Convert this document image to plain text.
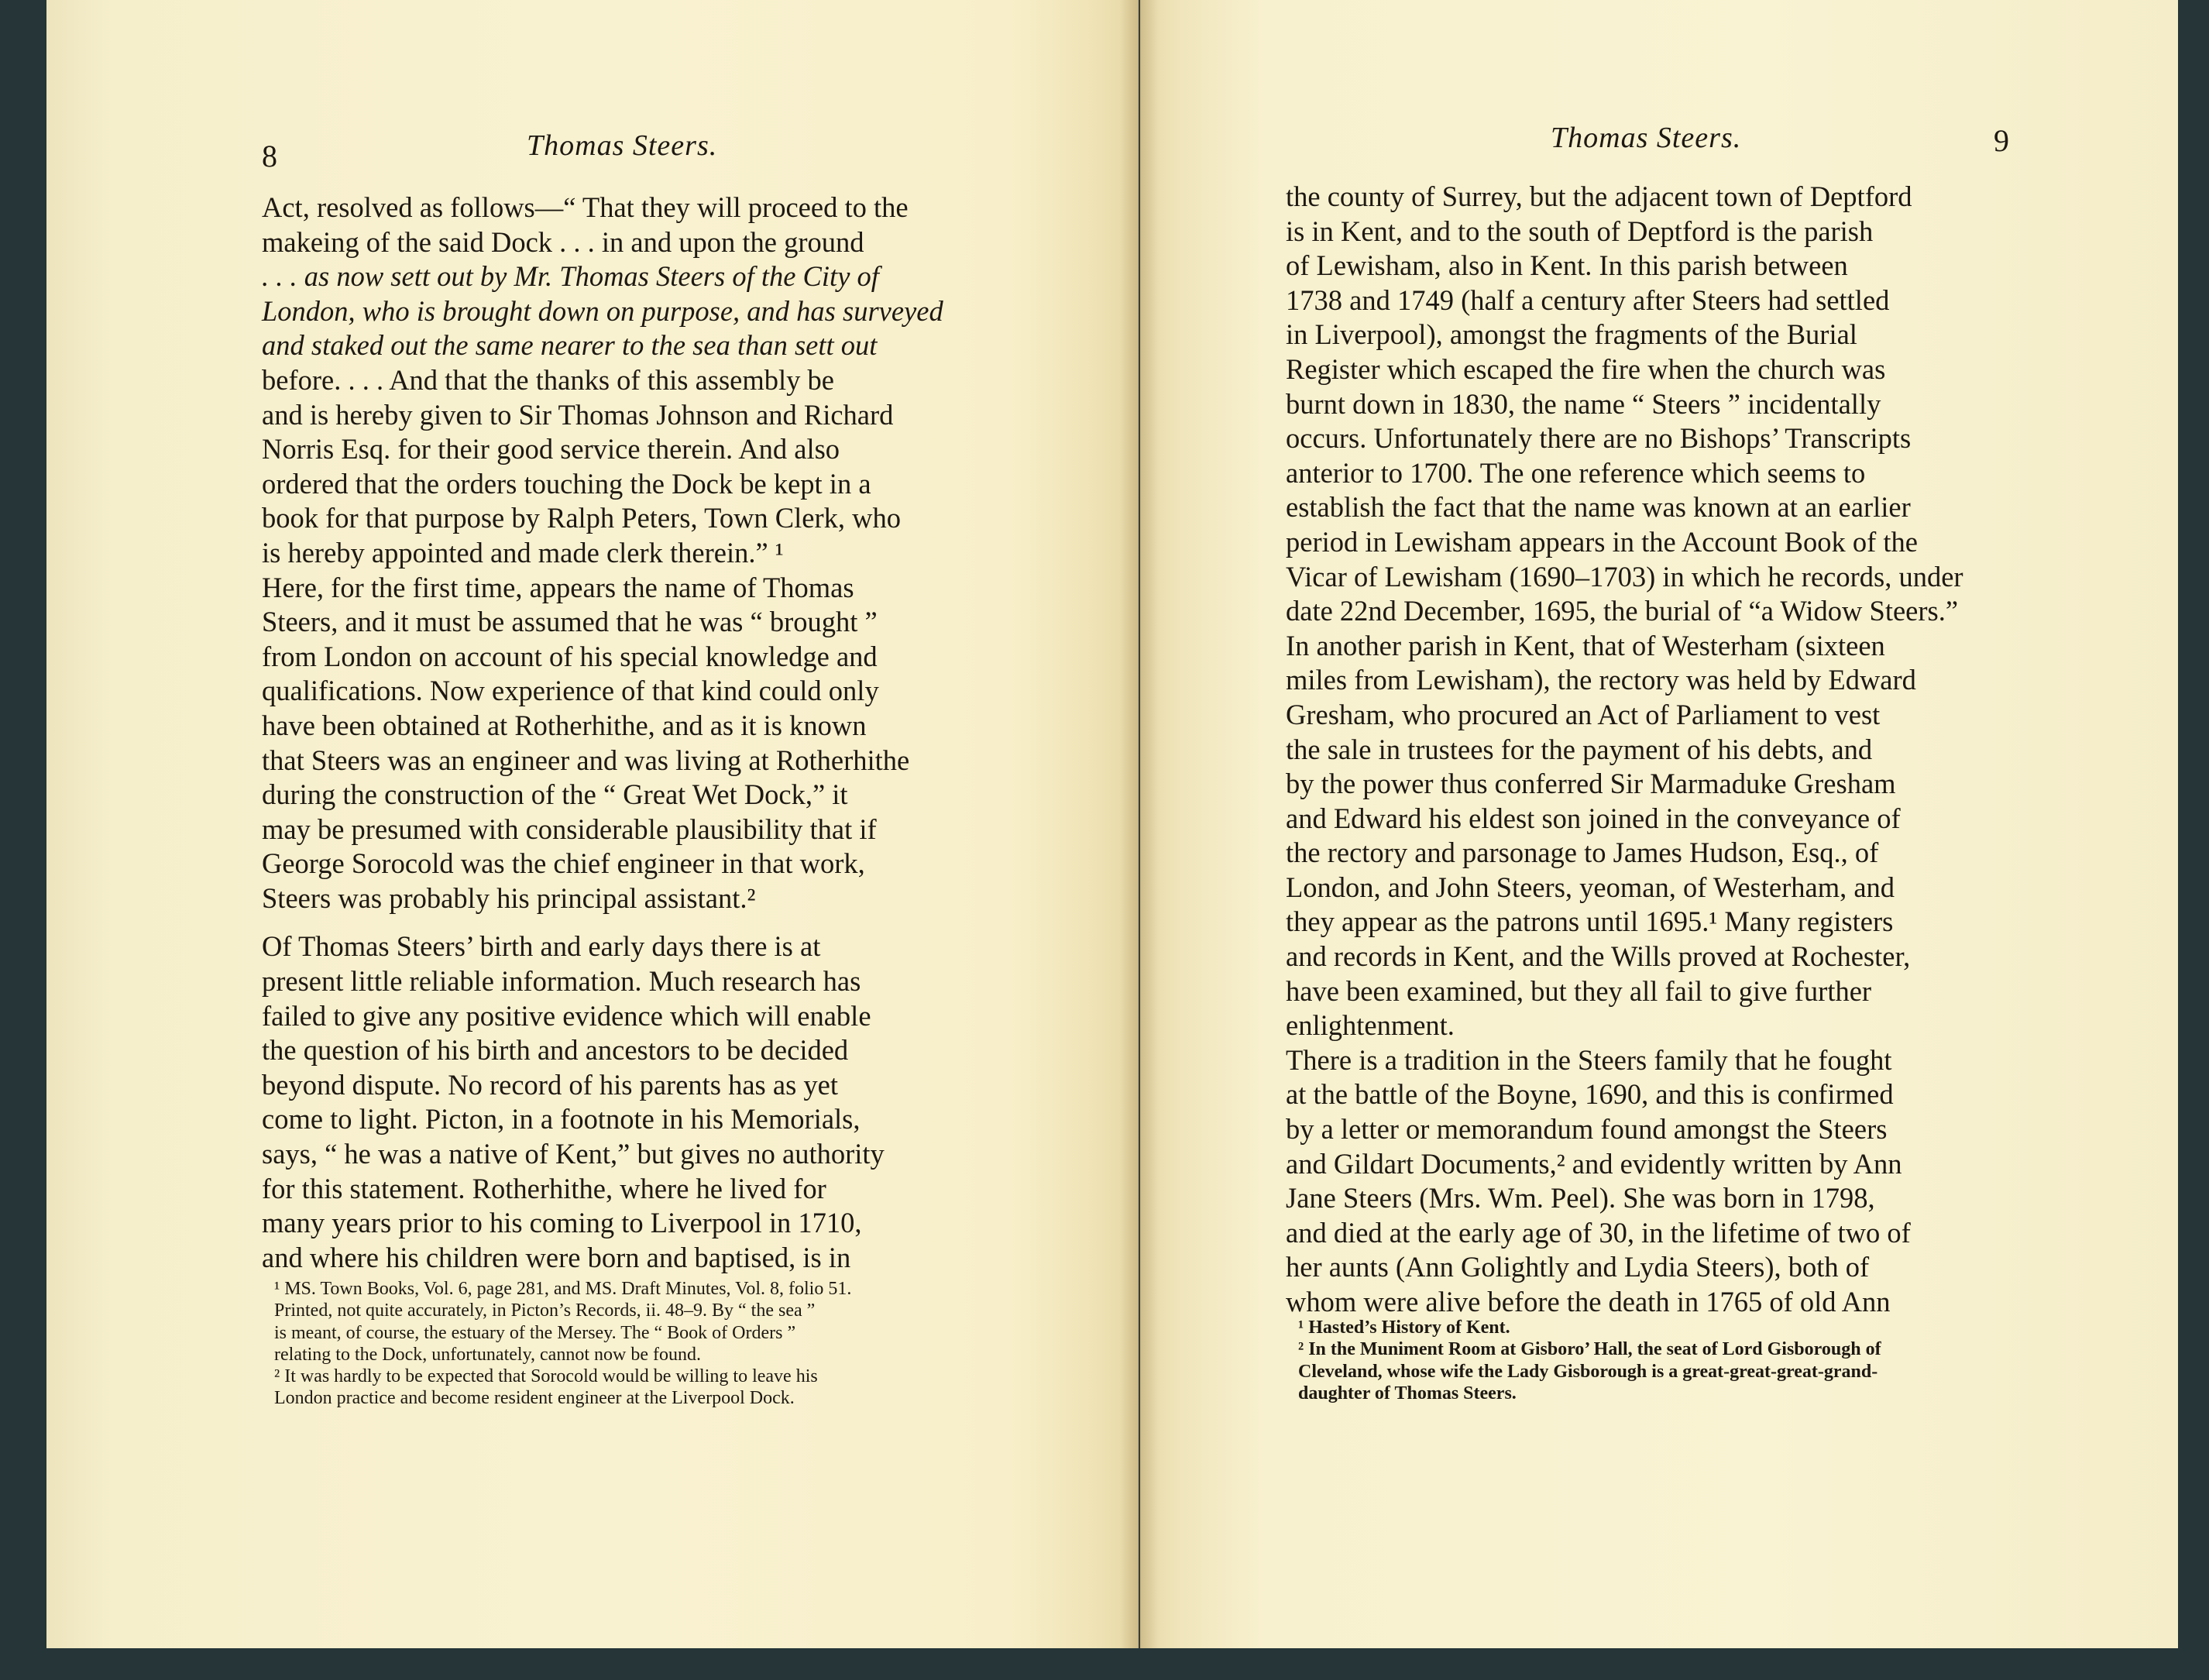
8	Thomas Steers.
Act, resolved as follows—“ That they will proceed to the
makeing of the said Dock . . . in and upon the ground
. . . as now sett out by Mr. Thomas Steers of the City of
London, who is brought down on purpose, and has surveyed
and staked out the same nearer to the sea than sett out
before. . . . And that the thanks of this assembly be
and is hereby given to Sir Thomas Johnson and Richard
Norris Esq. for their good service therein. And also
ordered that the orders touching the Dock be kept in a
book for that purpose by Ralph Peters, Town Clerk, who
is hereby appointed and made clerk therein.” ¹
Here, for the first time, appears the name of Thomas
Steers, and it must be assumed that he was “ brought ”
from London on account of his special knowledge and
qualifications. Now experience of that kind could only
have been obtained at Rotherhithe, and as it is known
that Steers was an engineer and was living at Rotherhithe
during the construction of the “ Great Wet Dock,” it
may be presumed with considerable plausibility that if
George Sorocold was the chief engineer in that work,
Steers was probably his principal assistant.²
Of Thomas Steers’ birth and early days there is at
present little reliable information. Much research has
failed to give any positive evidence which will enable
the question of his birth and ancestors to be decided
beyond dispute. No record of his parents has as yet
come to light. Picton, in a footnote in his Memorials,
says, “ he was a native of Kent,” but gives no authority
for this statement. Rotherhithe, where he lived for
many years prior to his coming to Liverpool in 1710,
and where his children were born and baptised, is in
¹ MS. Town Books, Vol. 6, page 281, and MS. Draft Minutes, Vol. 8, folio 51.
Printed, not quite accurately, in Picton’s Records, ii. 48–9. By “ the sea ”
is meant, of course, the estuary of the Mersey. The “ Book of Orders ”
relating to the Dock, unfortunately, cannot now be found.
² It was hardly to be expected that Sorocold would be willing to leave his
London practice and become resident engineer at the Liverpool Dock.
Thomas Steers.	9
the county of Surrey, but the adjacent town of Deptford
is in Kent, and to the south of Deptford is the parish
of Lewisham, also in Kent. In this parish between
1738 and 1749 (half a century after Steers had settled
in Liverpool), amongst the fragments of the Burial
Register which escaped the fire when the church was
burnt down in 1830, the name “ Steers ” incidentally
occurs. Unfortunately there are no Bishops’ Transcripts
anterior to 1700. The one reference which seems to
establish the fact that the name was known at an earlier
period in Lewisham appears in the Account Book of the
Vicar of Lewisham (1690–1703) in which he records, under
date 22nd December, 1695, the burial of “a Widow Steers.”
In another parish in Kent, that of Westerham (sixteen
miles from Lewisham), the rectory was held by Edward
Gresham, who procured an Act of Parliament to vest
the sale in trustees for the payment of his debts, and
by the power thus conferred Sir Marmaduke Gresham
and Edward his eldest son joined in the conveyance of
the rectory and parsonage to James Hudson, Esq., of
London, and John Steers, yeoman, of Westerham, and
they appear as the patrons until 1695.¹ Many registers
and records in Kent, and the Wills proved at Rochester,
have been examined, but they all fail to give further
enlightenment.
There is a tradition in the Steers family that he fought
at the battle of the Boyne, 1690, and this is confirmed
by a letter or memorandum found amongst the Steers
and Gildart Documents,² and evidently written by Ann
Jane Steers (Mrs. Wm. Peel). She was born in 1798,
and died at the early age of 30, in the lifetime of two of
her aunts (Ann Golightly and Lydia Steers), both of
whom were alive before the death in 1765 of old Ann
¹ Hasted’s History of Kent.
² In the Muniment Room at Gisboro’ Hall, the seat of Lord Gisborough of
Cleveland, whose wife the Lady Gisborough is a great-great-great-grand-
daughter of Thomas Steers.
